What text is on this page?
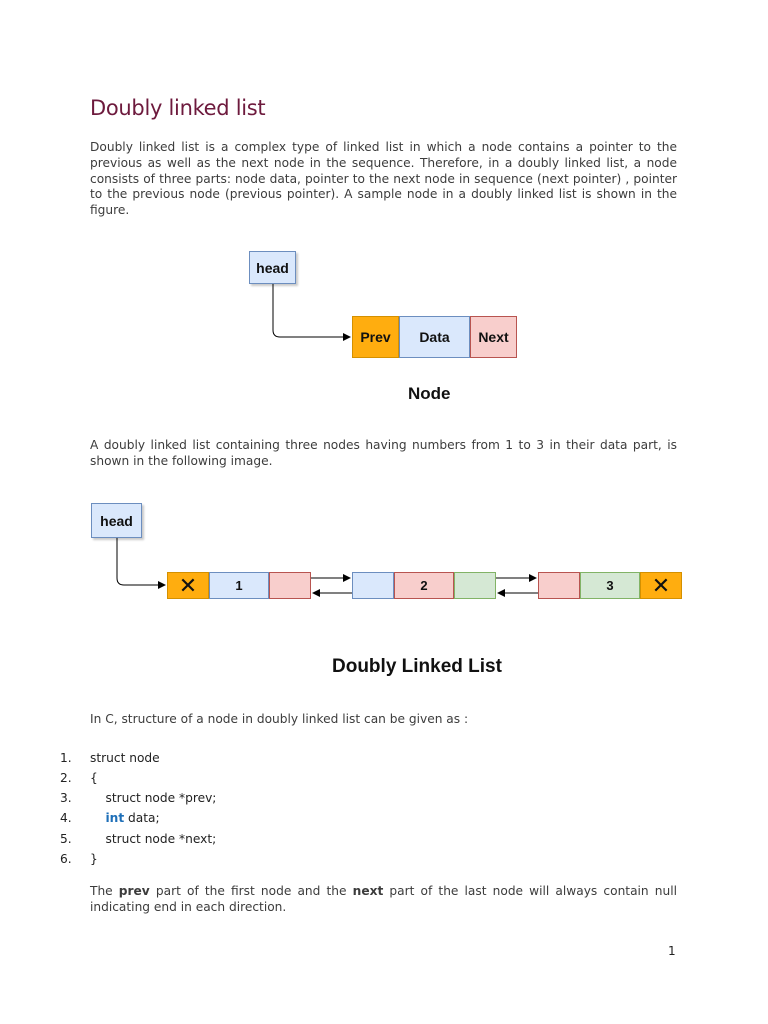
Doubly linked list

Doubly linked list is a complex type of linked list in which a node contains a pointer to the previous as well as the next node in the sequence. Therefore, in a doubly linked list, a node consists of three parts: node data, pointer to the next node in sequence (next pointer) , pointer to the previous node (previous pointer). A sample node in a doubly linked list is shown in the figure.

head
Prev	Data	Next
Node

A doubly linked list containing three nodes having numbers from 1 to 3 in their data part, is shown in the following image.

head
✕	1	2	3	✕
Doubly Linked List

In C, structure of a node in doubly linked list can be given as :

1. struct node
2. {
3.    struct node *prev;
4.	int data;
5.    struct node *next;
6. }

The prev part of the first node and the next part of the last node will always contain null indicating end in each direction.

1
